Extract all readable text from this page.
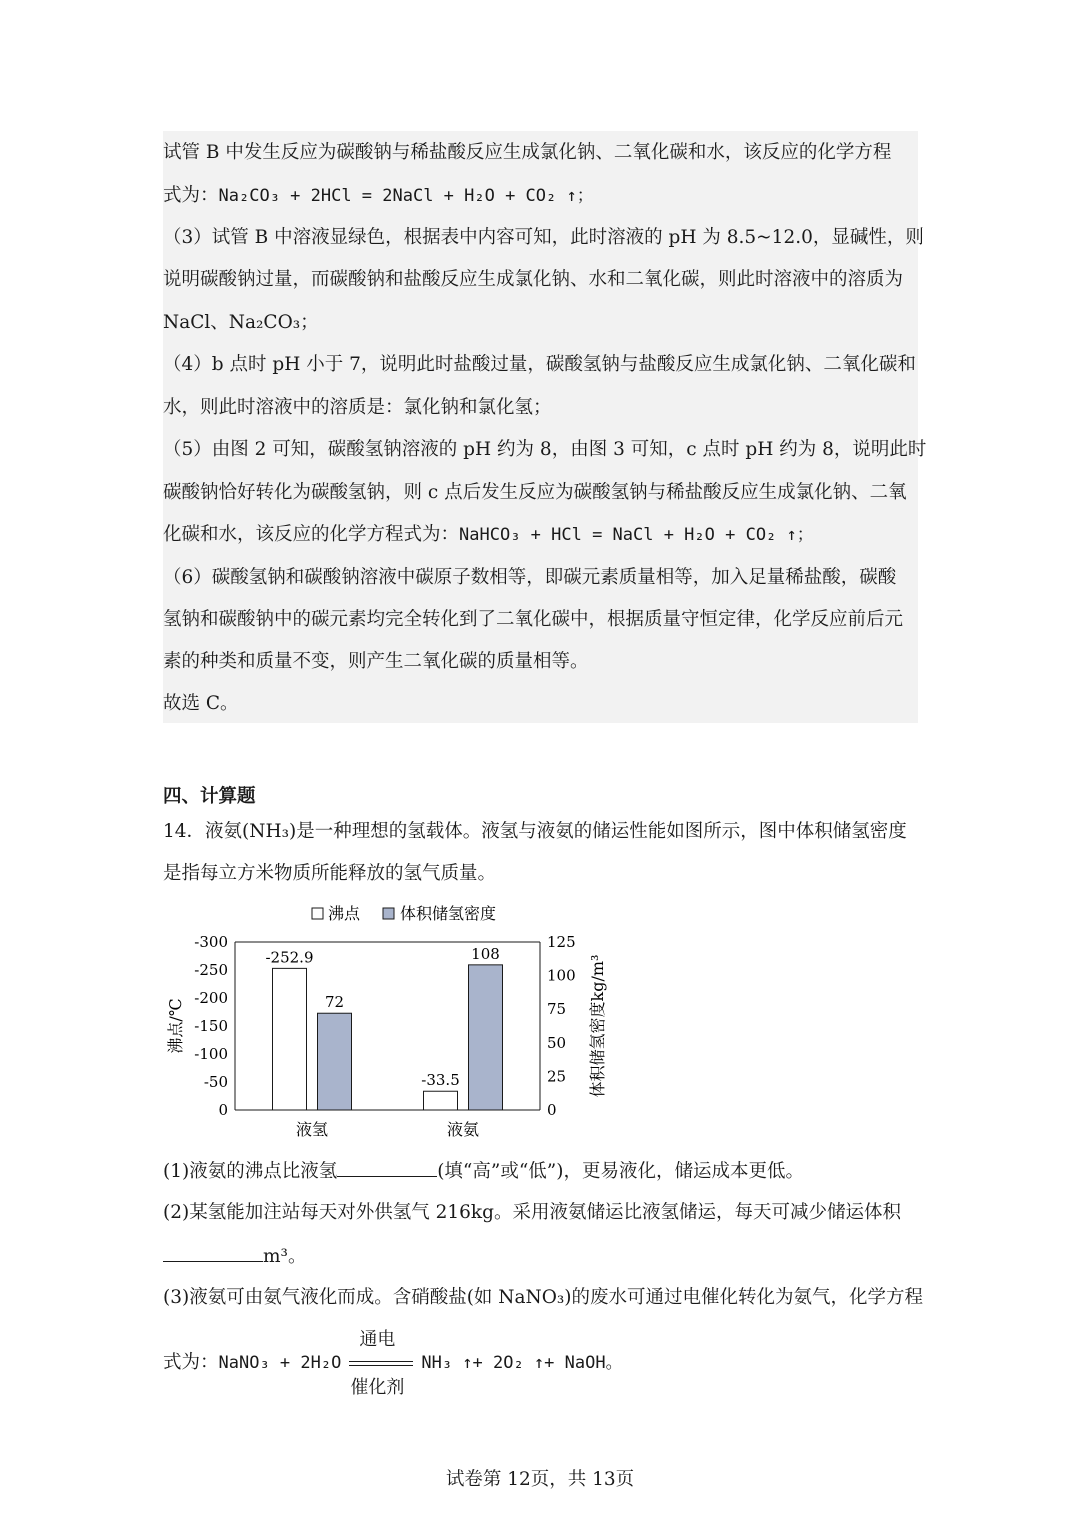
试管 B 中发生反应为碳酸钠与稀盐酸反应生成氯化钠、二氧化碳和水，该反应的化学方程
式为：Na₂CO₃ + 2HCl = 2NaCl + H₂O + CO₂ ↑；
（3）试管 B 中溶液显绿色，根据表中内容可知，此时溶液的 pH 为 8.5~12.0，显碱性，则
说明碳酸钠过量，而碳酸钠和盐酸反应生成氯化钠、水和二氧化碳，则此时溶液中的溶质为
NaCl、Na₂CO₃；
（4）b 点时 pH 小于 7，说明此时盐酸过量，碳酸氢钠与盐酸反应生成氯化钠、二氧化碳和
水，则此时溶液中的溶质是：氯化钠和氯化氢；
（5）由图 2 可知，碳酸氢钠溶液的 pH 约为 8，由图 3 可知，c 点时 pH 约为 8，说明此时
碳酸钠恰好转化为碳酸氢钠，则 c 点后发生反应为碳酸氢钠与稀盐酸反应生成氯化钠、二氧
化碳和水，该反应的化学方程式为：NaHCO₃ + HCl = NaCl + H₂O + CO₂ ↑；
（6）碳酸氢钠和碳酸钠溶液中碳原子数相等，即碳元素质量相等，加入足量稀盐酸，碳酸
氢钠和碳酸钠中的碳元素均完全转化到了二氧化碳中，根据质量守恒定律，化学反应前后元
素的种类和质量不变，则产生二氧化碳的质量相等。
故选 C。
四、计算题
14．液氨(NH₃)是一种理想的氢载体。液氢与液氨的储运性能如图所示，图中体积储氢密度
是指每立方米物质所能释放的氢气质量。
沸点 体积储氢密度
-300
-250
-200
-150
-100
-50
0
125
100
75
50
25
0
-252.9
72
-33.5
108
液氢	液氨
沸点/℃	体积储氢密度kg/m³
(1)液氨的沸点比液氢	(填“高”或“低”)，更易液化，储运成本更低。
(2)某氢能加注站每天对外供氢气 216kg。采用液氨储运比液氢储运，每天可减少储运体积
m³。
(3)液氨可由氨气液化而成。含硝酸盐(如 NaNO₃)的废水可通过电催化转化为氨气，化学方程
式为：NaNO₃ + 2H₂O
通电
催化剂
NH₃ ↑+ 2O₂ ↑+ NaOH。
试卷第 12页，共 13页
